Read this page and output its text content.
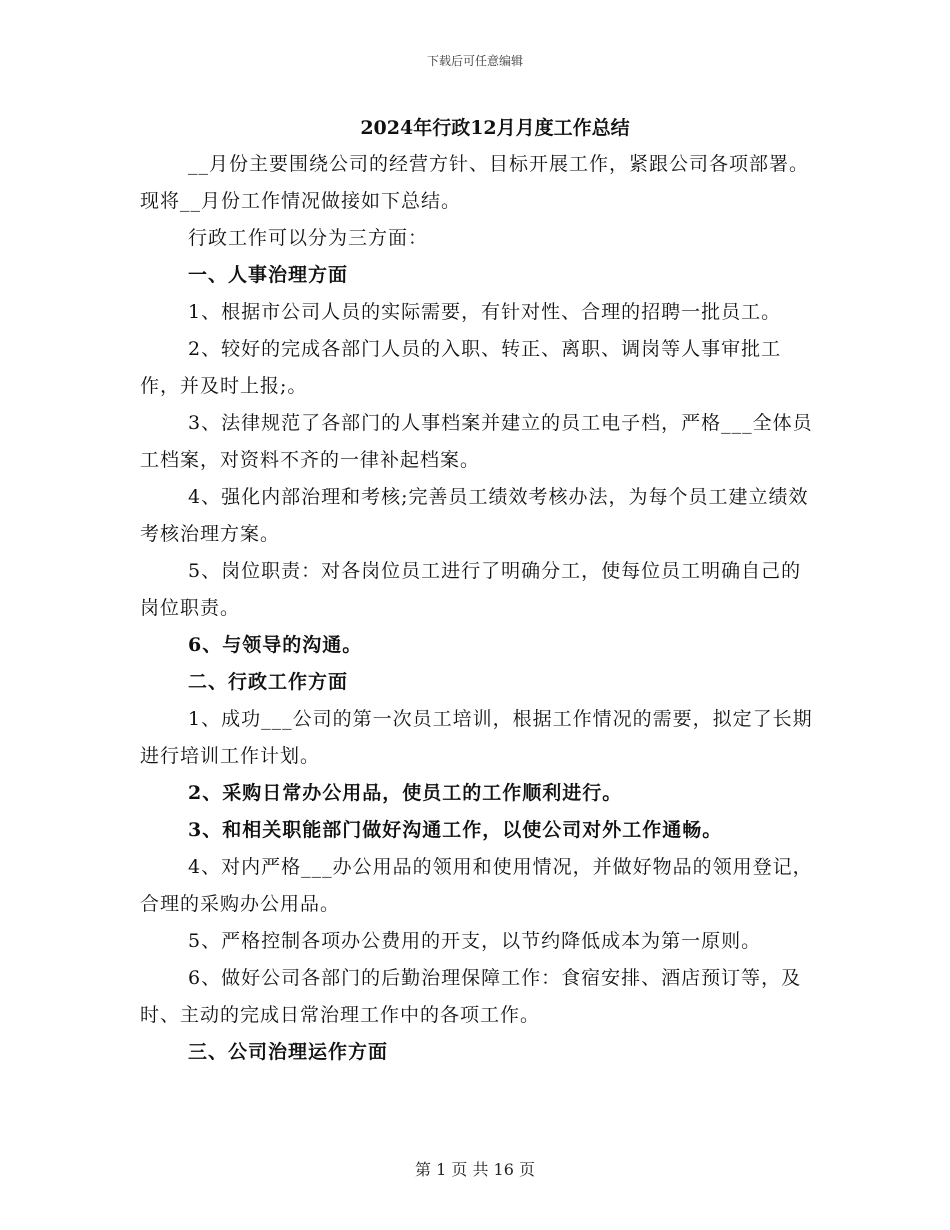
下载后可任意编辑
2024年行政12月月度工作总结

__月份主要围绕公司的经营方针、目标开展工作，紧跟公司各项部署。现将__月份工作情况做接如下总结。

行政工作可以分为三方面：

一、人事治理方面

1、根据市公司人员的实际需要，有针对性、合理的招聘一批员工。

2、较好的完成各部门人员的入职、转正、离职、调岗等人事审批工作，并及时上报;。

3、法律规范了各部门的人事档案并建立的员工电子档，严格___全体员工档案，对资料不齐的一律补起档案。

4、强化内部治理和考核;完善员工绩效考核办法，为每个员工建立绩效考核治理方案。

5、岗位职责：对各岗位员工进行了明确分工，使每位员工明确自己的岗位职责。

6、与领导的沟通。

二、行政工作方面

1、成功___公司的第一次员工培训，根据工作情况的需要，拟定了长期进行培训工作计划。

2、采购日常办公用品，使员工的工作顺利进行。

3、和相关职能部门做好沟通工作，以使公司对外工作通畅。

4、对内严格___办公用品的领用和使用情况，并做好物品的领用登记，合理的采购办公用品。

5、严格控制各项办公费用的开支，以节约降低成本为第一原则。

6、做好公司各部门的后勤治理保障工作：食宿安排、酒店预订等，及时、主动的完成日常治理工作中的各项工作。

三、公司治理运作方面

第 1 页 共 16 页
